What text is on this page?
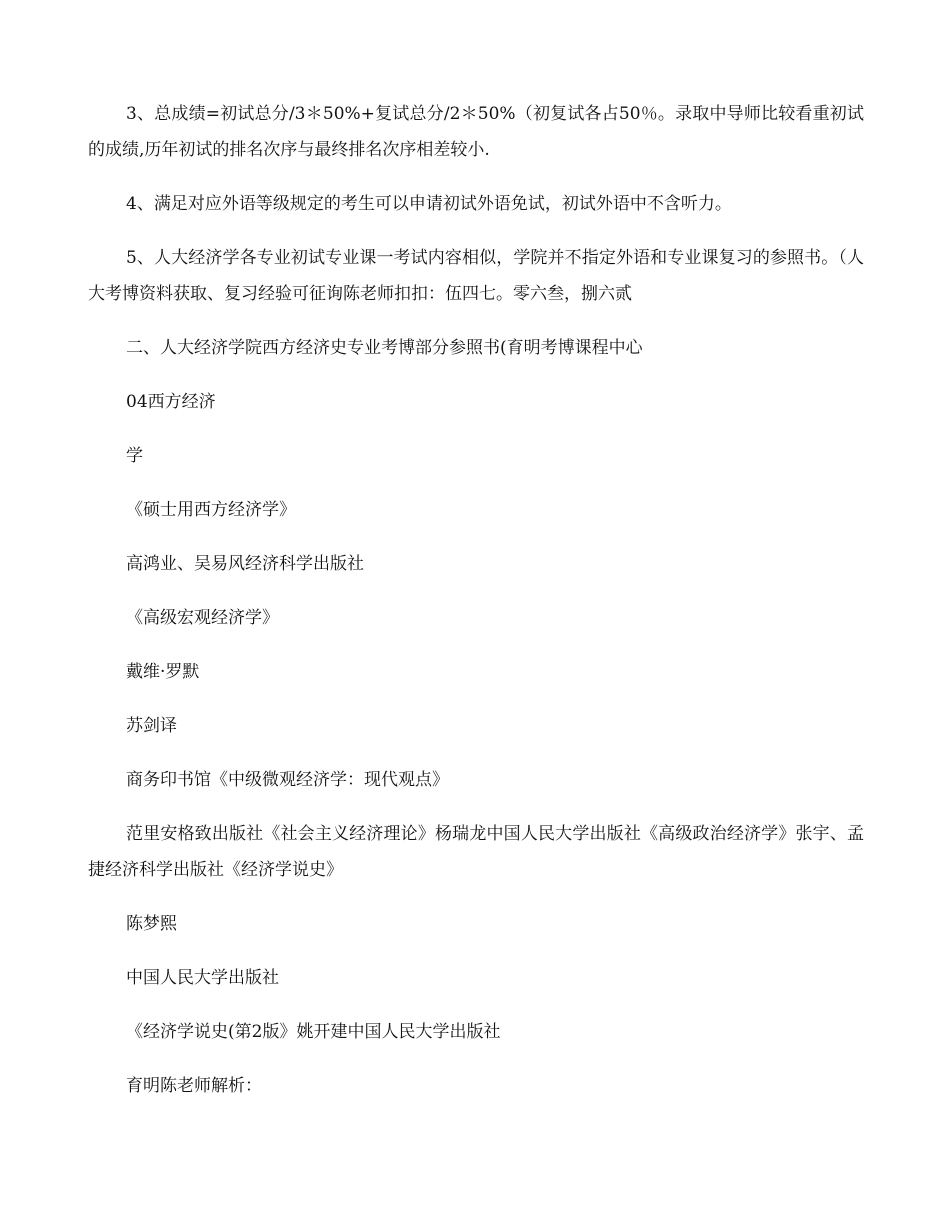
3、总成绩=初试总分/3＊50%+复试总分/2＊50%（初复试各占50％。录取中导师比较看重初试的成绩,历年初试的排名次序与最终排名次序相差较小.

4、满足对应外语等级规定的考生可以申请初试外语免试，初试外语中不含听力。

5、人大经济学各专业初试专业课一考试内容相似，学院并不指定外语和专业课复习的参照书。（人大考博资料获取、复习经验可征询陈老师扣扣：伍四七。零六叁，捌六贰

二、人大经济学院西方经济史专业考博部分参照书(育明考博课程中心

04西方经济

学

《硕士用西方经济学》

高鸿业、吴易风经济科学出版社

《高级宏观经济学》

戴维·罗默

苏剑译

商务印书馆《中级微观经济学：现代观点》

范里安格致出版社《社会主义经济理论》杨瑞龙中国人民大学出版社《高级政治经济学》张宇、孟捷经济科学出版社《经济学说史》

陈梦熙

中国人民大学出版社

《经济学说史(第2版》姚开建中国人民大学出版社

育明陈老师解析：
